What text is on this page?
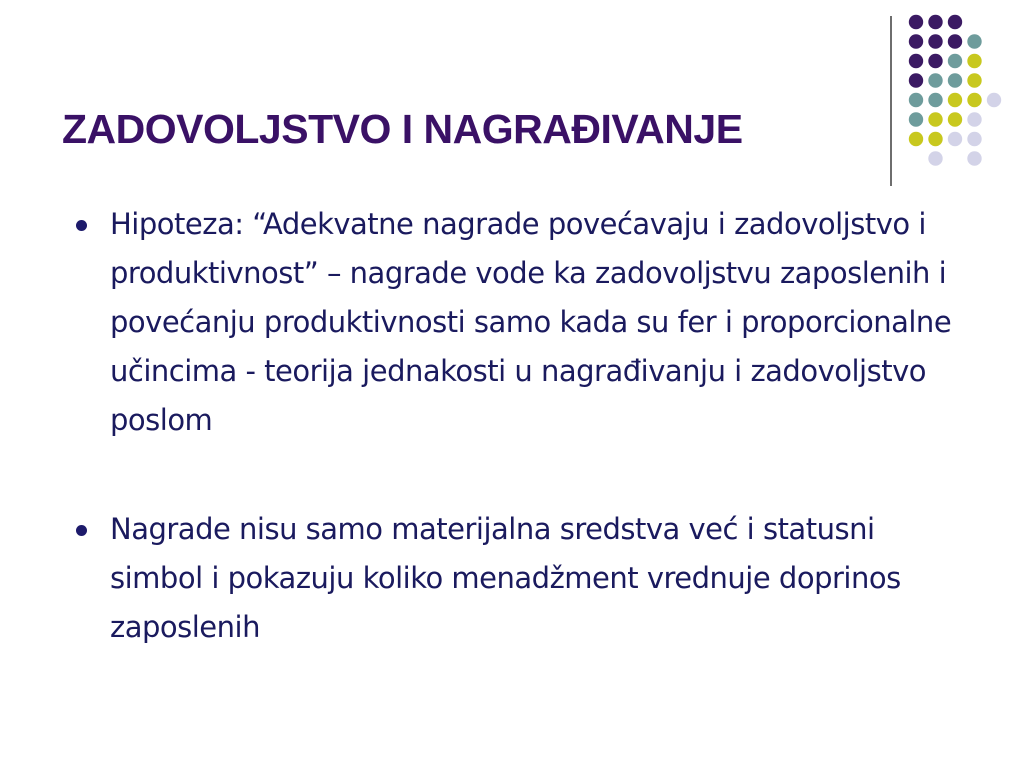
ZADOVOLJSTVO I NAGRAĐIVANJE
Hipoteza: “Adekvatne nagrade povećavaju i zadovoljstvo i produktivnost” – nagrade vode ka zadovoljstvu zaposlenih i povećanju produktivnosti samo kada su fer i proporcionalne učincima - teorija jednakosti u nagrađivanju i zadovoljstvo poslom
Nagrade nisu samo materijalna sredstva već i statusni simbol i pokazuju koliko menadžment vrednuje doprinos zaposlenih
